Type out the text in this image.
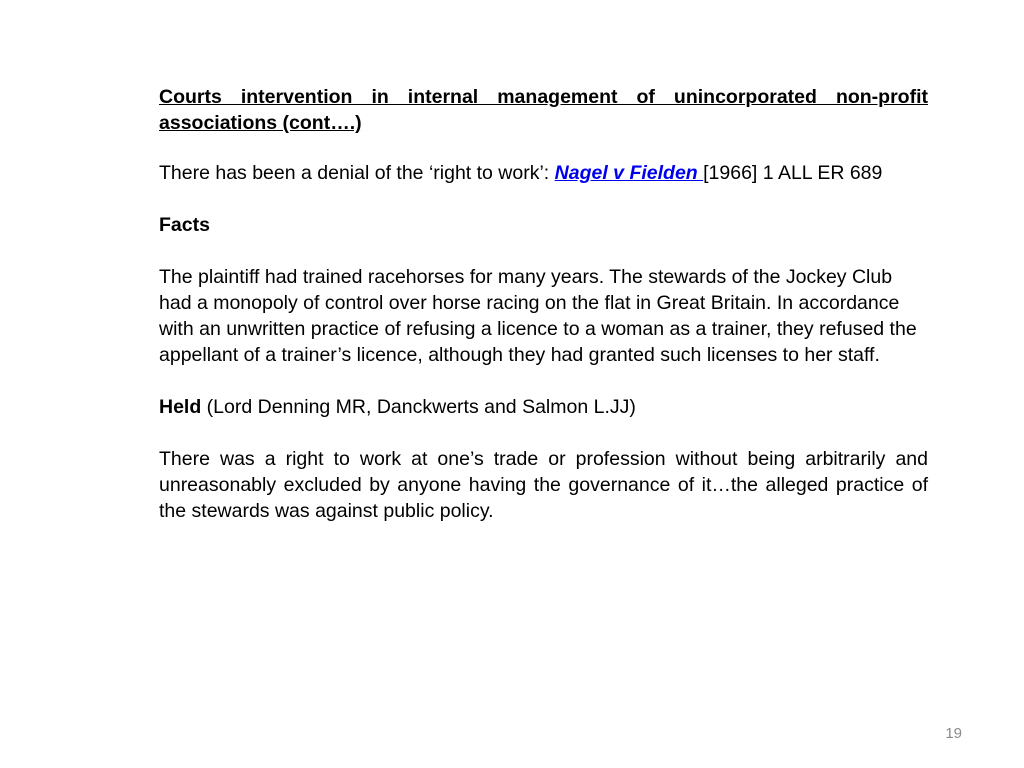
Courts intervention in internal management of unincorporated non-profit associations (cont….)

There has been a denial of the ‘right to work’: Nagel v Fielden [1966] 1 ALL ER 689
Facts
The plaintiff had trained racehorses for many years. The stewards of the Jockey Club had a monopoly of control over horse racing on the flat in Great Britain. In accordance with an unwritten practice of refusing a licence to a woman as a trainer, they refused the appellant of a trainer’s licence, although they had granted such licenses to her staff.
Held (Lord Denning MR, Danckwerts and Salmon L.JJ)
There was a right to work at one’s trade or profession without being arbitrarily and unreasonably excluded by anyone having the governance of it…the alleged practice of the stewards was against public policy.
19
